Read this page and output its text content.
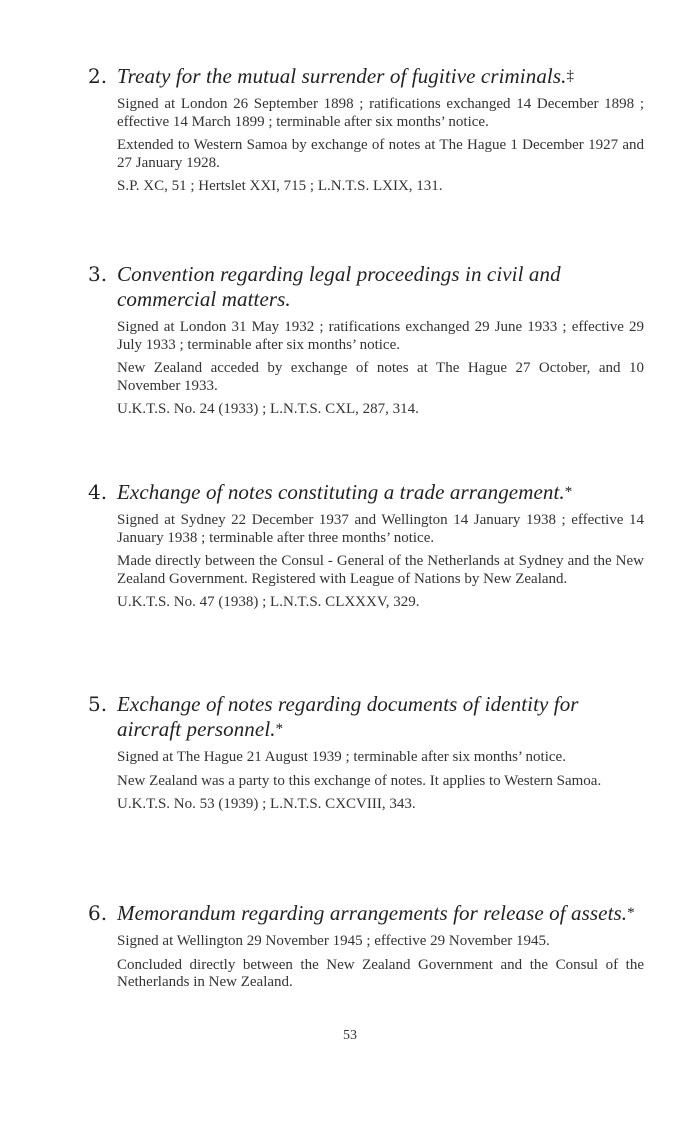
2. Treaty for the mutual surrender of fugitive criminals.‡

Signed at London 26 September 1898 ; ratifications exchanged 14 December 1898 ; effective 14 March 1899 ; terminable after six months’ notice.

Extended to Western Samoa by exchange of notes at The Hague 1 December 1927 and 27 January 1928.

S.P. XC, 51 ; Hertslet XXI, 715 ; L.N.T.S. LXIX, 131.

3. Convention regarding legal proceedings in civil and commercial matters.

Signed at London 31 May 1932 ; ratifications exchanged 29 June 1933 ; effective 29 July 1933 ; terminable after six months’ notice.

New Zealand acceded by exchange of notes at The Hague 27 October, and 10 November 1933.

U.K.T.S. No. 24 (1933) ; L.N.T.S. CXL, 287, 314.

4. Exchange of notes constituting a trade arrangement.*

Signed at Sydney 22 December 1937 and Wellington 14 January 1938 ; effective 14 January 1938 ; terminable after three months’ notice.

Made directly between the Consul - General of the Netherlands at Sydney and the New Zealand Government. Registered with League of Nations by New Zealand.

U.K.T.S. No. 47 (1938) ; L.N.T.S. CLXXXV, 329.

5. Exchange of notes regarding documents of identity for aircraft personnel.*

Signed at The Hague 21 August 1939 ; terminable after six months’ notice.

New Zealand was a party to this exchange of notes. It applies to Western Samoa.

U.K.T.S. No. 53 (1939) ; L.N.T.S. CXCVIII, 343.

6. Memorandum regarding arrangements for release of assets.*

Signed at Wellington 29 November 1945 ; effective 29 November 1945.

Concluded directly between the New Zealand Government and the Consul of the Netherlands in New Zealand.

53
